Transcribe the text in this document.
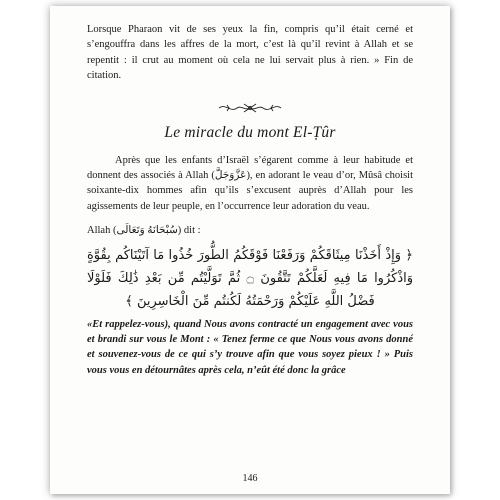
Lorsque Pharaon vit de ses yeux la fin, compris qu’il était cerné et s’engouffra dans les affres de la mort, c’est là qu’il revint à Allah et se repentit : il crut au moment où cela ne lui servait plus à rien. » Fin de citation.

Le miracle du mont El-Ṭûr

Après que les enfants d’Israël s’égarent comme à leur habitude et donnent des associés à Allah (عَزَّوَجَلَّ), en adorant le veau d’or, Mûsâ choisit soixante-dix hommes afin qu’ils s’excusent auprès d’Allah pour les agissements de leur peuple, en l’occurrence leur adoration du veau.

Allah (سُبْحَانَهُ وَتَعَالَى) dit :

﴿ وَإِذْ أَخَذْنَا مِيثَاقَكُمْ وَرَفَعْنَا فَوْقَكُمُ الطُّورَ خُذُوا مَا آتَيْنَاكُم بِقُوَّةٍ وَاذْكُرُوا مَا فِيهِ لَعَلَّكُمْ تَتَّقُونَ ۝ ثُمَّ تَوَلَّيْتُم مِّن بَعْدِ ذَٰلِكَ فَلَوْلَا فَضْلُ اللَّهِ عَلَيْكُمْ وَرَحْمَتُهُ لَكُنتُم مِّنَ الْخَاسِرِينَ ﴾

«Et rappelez-vous), quand Nous avons contracté un engagement avec vous et brandi sur vous le Mont : « Tenez ferme ce que Nous vous avons donné et souvenez-vous de ce qui s’y trouve afin que vous soyez pieux ! » Puis vous vous en détournâtes après cela, n’eût été donc la grâce

146
